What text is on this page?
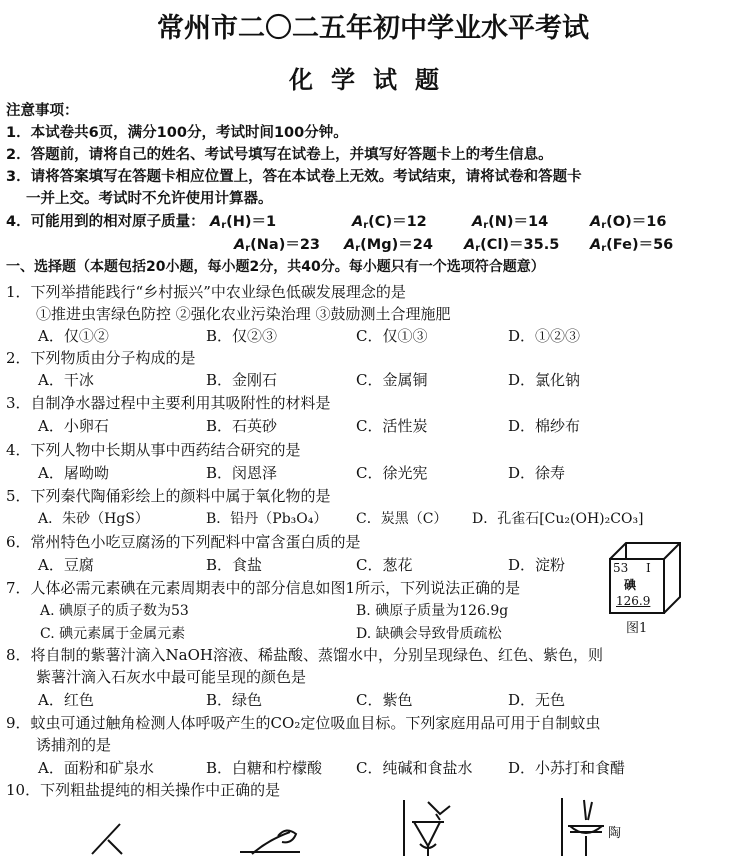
常州市二〇二五年初中学业水平考试
化学试题
注意事项：
1．本试卷共6页，满分100分，考试时间100分钟。
2．答题前，请将自己的姓名、考试号填写在试卷上，并填写好答题卡上的考生信息。
3．请将答案填写在答题卡相应位置上，答在本试卷上无效。考试结束，请将试卷和答题卡
一并上交。考试时不允许使用计算器。
4．可能用到的相对原子质量： $A_r(H)=1$	$A_r(C)=12$	$A_r(N)=14$	$A_r(O)=16$
$A_r(Na)=23$ $A_r(Mg)=24$ $A_r(Cl)=35.5$ $A_r(Fe)=56$
一、选择题（本题包括20小题，每小题2分，共40分。每小题只有一个选项符合题意）
1．下列举措能践行“乡村振兴”中农业绿色低碳发展理念的是
①推进虫害绿色防控 ②强化农业污染治理 ③鼓励测土合理施肥
A．仅①②	B．仅②③	C．仅①③	D．①②③
2．下列物质由分子构成的是
A．干冰	B．金刚石	C．金属铜	D．氯化钠
3．自制净水器过程中主要利用其吸附性的材料是
A．小卵石	B．石英砂	C．活性炭	D．棉纱布
4．下列人物中长期从事中西药结合研究的是
A．屠呦呦	B．闵恩泽	C．徐光宪	D．徐寿
5．下列秦代陶俑彩绘上的颜料中属于氧化物的是
A．朱砂（HgS）	B．铅丹（Pb₃O₄） C．炭黑（C） D．孔雀石[Cu₂(OH)₂CO₃]
6．常州特色小吃豆腐汤的下列配料中富含蛋白质的是
A．豆腐	B．食盐	C．葱花	D．淀粉
7．人体必需元素碘在元素周期表中的部分信息如图1所示，下列说法正确的是
A. 碘原子的质子数为53	B. 碘原子质量为126.9g
C. 碘元素属于金属元素	D. 缺碘会导致骨质疏松
53 I
碘
126.9
图1
8．将自制的紫薯汁滴入NaOH溶液、稀盐酸、蒸馏水中，分别呈现绿色、红色、紫色，则
紫薯汁滴入石灰水中最可能呈现的颜色是
A．红色	B．绿色	C．紫色	D．无色
9．蚊虫可通过触角检测人体呼吸产生的CO₂定位吸血目标。下列家庭用品可用于自制蚊虫
诱捕剂的是
A．面粉和矿泉水	B．白糖和柠檬酸 C．纯碱和食盐水 D．小苏打和食醋
10．下列粗盐提纯的相关操作中正确的是
陶
